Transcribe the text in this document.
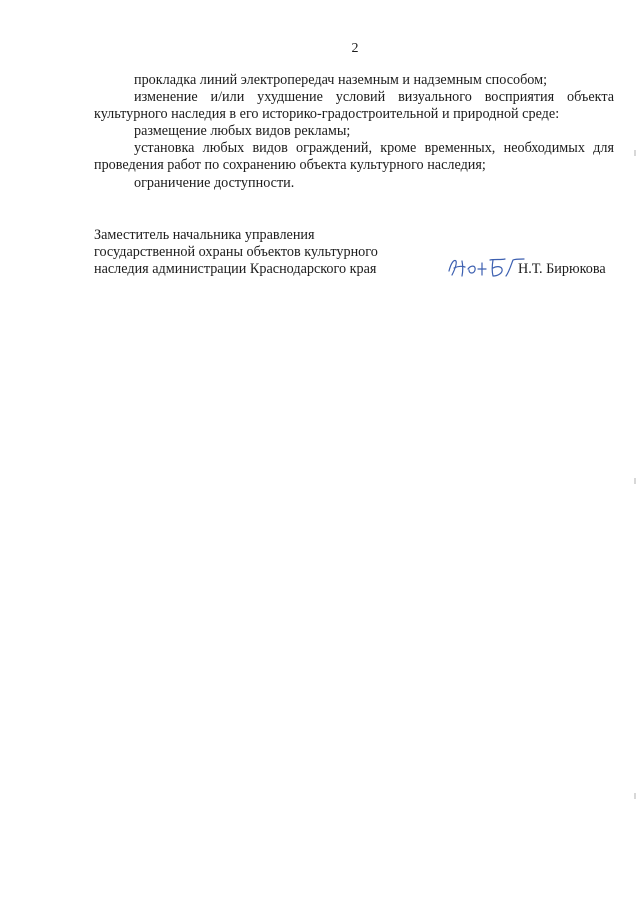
2

прокладка линий электропередач наземным и надземным способом;

изменение и/или ухудшение условий визуального восприятия объекта культурного наследия в его историко-градостроительной и природной среде:

размещение любых видов рекламы;

установка любых видов ограждений, кроме временных, необходимых для проведения работ по сохранению объекта культурного наследия;

ограничение доступности.

Заместитель начальника управления

государственной охраны объектов культурного

наследия администрации Краснодарского края	Н.Т. Бирюкова
